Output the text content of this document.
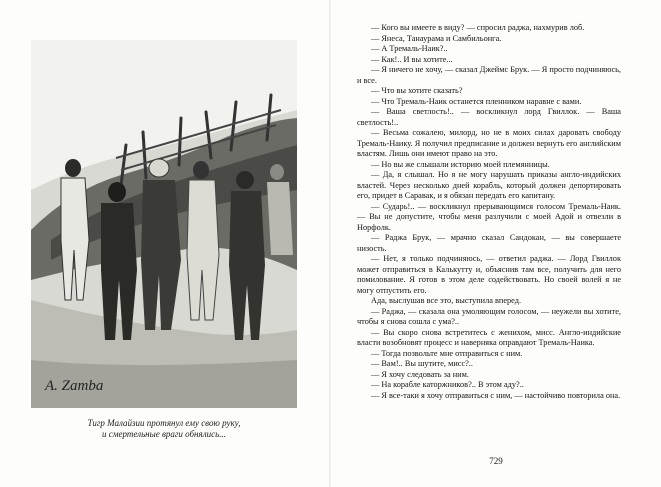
A. Zamba
Тигр Малайзии протянул ему свою руку,
и смертельные враги обнялись...

— Кого вы имеете в виду? — спросил раджа, нахмурив лоб.

— Янеса, Танаурама и Самбильонга.

— А Тремаль-Наик?..

— Как!.. И вы хотите...

— Я ничего не хочу, — сказал Джеймс Брук. — Я просто подчиняюсь, и все.

— Что вы хотите сказать?

— Что Тремаль-Наик останется пленником наравне с вами.

— Ваша светлость!.. — воскликнул лорд Гвиллок. — Ваша светлость!..

— Весьма сожалею, милорд, но не в моих силах даровать свободу Тремаль-Наику. Я получил предписание и должен вернуть его английским властям. Лишь они имеют право на это.

— Но вы же слышали историю моей племянницы.

— Да, я слышал. Но я не могу нарушать приказы англо-индийских властей. Через несколько дней корабль, который должен депортировать его, придет в Саравак, и я обязан передать его капитану.

— Сударь!.. — воскликнул прерывающимся голосом Тремаль-Наик. — Вы не допустите, чтобы меня разлучили с моей Адой и отвезли в Норфолк.

— Раджа Брук, — мрачно сказал Сандокан, — вы совершаете низость.

— Нет, я только подчиняюсь, — ответил раджа. — Лорд Гвиллок может отправиться в Калькутту и, объяснив там все, получить для него помилование. Я готов в этом деле содействовать. Но своей волей я не могу отпустить его.

Ада, выслушав все это, выступила вперед.

— Раджа, — сказала она умоляющим голосом, — неужели вы хотите, чтобы я снова сошла с ума?..

— Вы скоро снова встретитесь с женихом, мисс. Англо-индийские власти возобновят процесс и наверняка оправдают Тремаль-Наика.

— Тогда позвольте мне отправиться с ним.

— Вам!.. Вы шутите, мисс?..

— Я хочу следовать за ним.

— На корабле каторжников?.. В этом аду?..

— Я все-таки я хочу отправиться с ним, — настойчиво повторила она.

729
